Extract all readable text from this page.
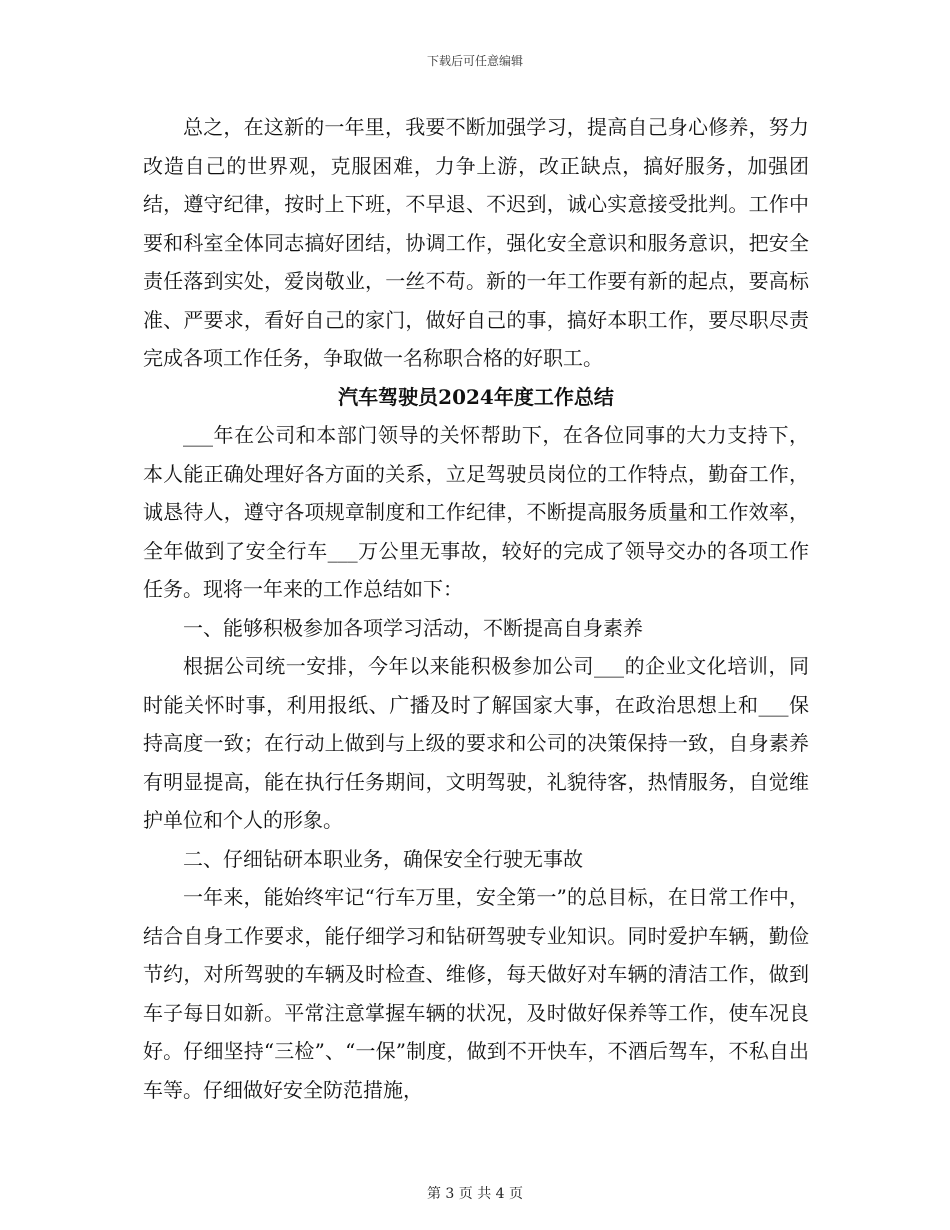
下载后可任意编辑

总之，在这新的一年里，我要不断加强学习，提高自己身心修养，努力改造自己的世界观，克服困难，力争上游，改正缺点，搞好服务，加强团结，遵守纪律，按时上下班，不早退、不迟到，诚心实意接受批判。工作中要和科室全体同志搞好团结，协调工作，强化安全意识和服务意识，把安全责任落到实处，爱岗敬业，一丝不苟。新的一年工作要有新的起点，要高标准、严要求，看好自己的家门，做好自己的事，搞好本职工作，要尽职尽责完成各项工作任务，争取做一名称职合格的好职工。

汽车驾驶员2024年度工作总结

___年在公司和本部门领导的关怀帮助下，在各位同事的大力支持下，本人能正确处理好各方面的关系，立足驾驶员岗位的工作特点，勤奋工作，诚恳待人，遵守各项规章制度和工作纪律，不断提高服务质量和工作效率，全年做到了安全行车___万公里无事故，较好的完成了领导交办的各项工作任务。现将一年来的工作总结如下：

一、能够积极参加各项学习活动，不断提高自身素养

根据公司统一安排，今年以来能积极参加公司___的企业文化培训，同时能关怀时事，利用报纸、广播及时了解国家大事，在政治思想上和___保持高度一致；在行动上做到与上级的要求和公司的决策保持一致，自身素养有明显提高，能在执行任务期间，文明驾驶，礼貌待客，热情服务，自觉维护单位和个人的形象。

二、仔细钻研本职业务，确保安全行驶无事故

一年来，能始终牢记“行车万里，安全第一”的总目标，在日常工作中，结合自身工作要求，能仔细学习和钻研驾驶专业知识。同时爱护车辆，勤俭节约，对所驾驶的车辆及时检查、维修，每天做好对车辆的清洁工作，做到车子每日如新。平常注意掌握车辆的状况，及时做好保养等工作，使车况良好。仔细坚持“三检”、“一保”制度，做到不开快车，不酒后驾车，不私自出车等。仔细做好安全防范措施，

第 3 页 共 4 页
